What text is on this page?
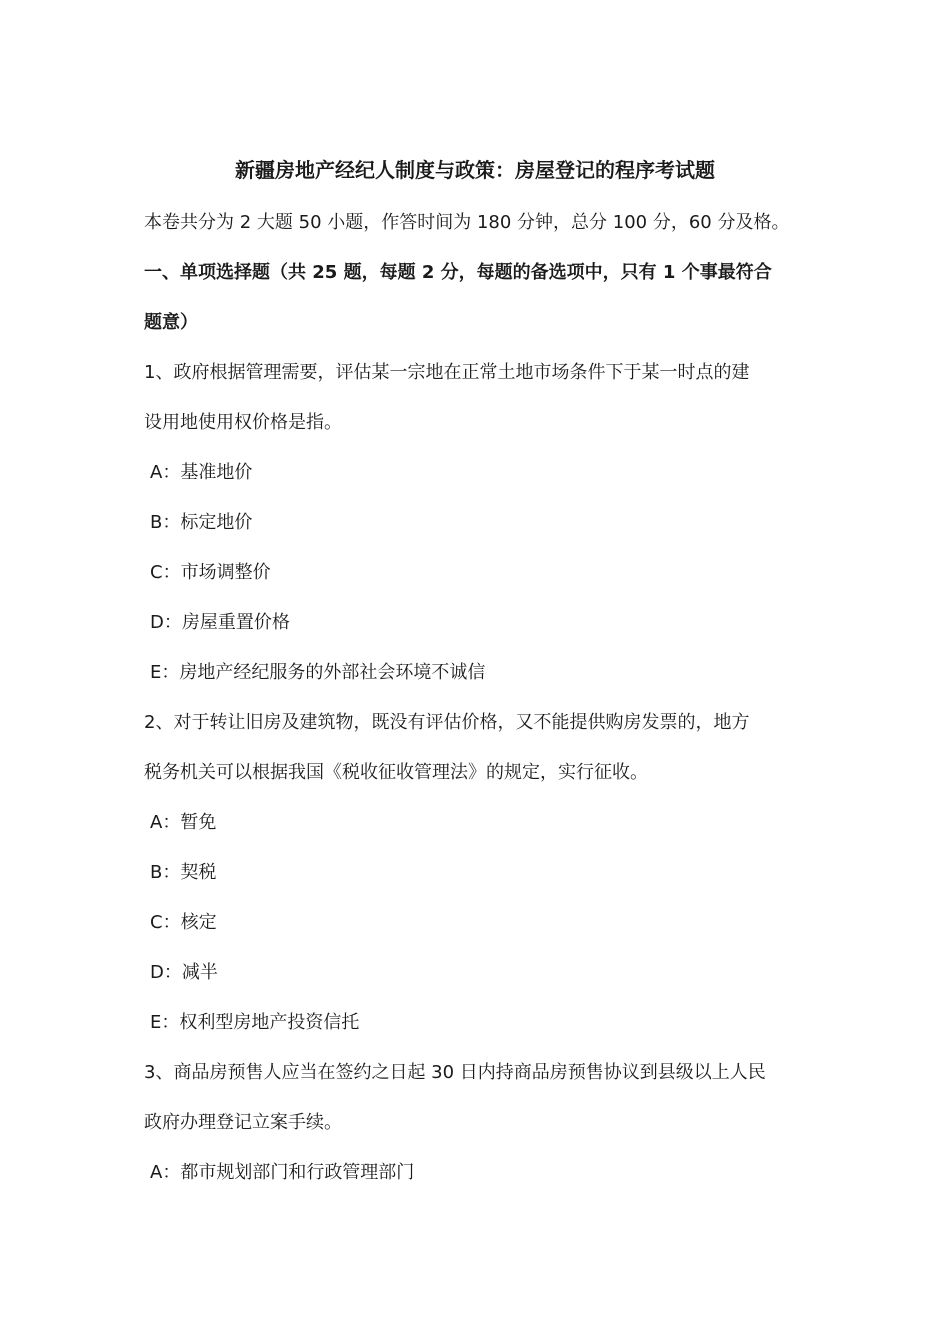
新疆房地产经纪人制度与政策：房屋登记的程序考试题
本卷共分为 2 大题 50 小题，作答时间为 180 分钟，总分 100 分，60 分及格。
一、单项选择题（共 25 题，每题 2 分，每题的备选项中，只有 1 个事最符合
题意）
1、政府根据管理需要，评估某一宗地在正常土地市场条件下于某一时点的建
设用地使用权价格是指。
A：基准地价
B：标定地价
C：市场调整价
D：房屋重置价格
E：房地产经纪服务的外部社会环境不诚信
2、对于转让旧房及建筑物，既没有评估价格，又不能提供购房发票的，地方
税务机关可以根据我国《税收征收管理法》的规定，实行征收。
A：暂免
B：契税
C：核定
D：减半
E：权利型房地产投资信托
3、商品房预售人应当在签约之日起 30 日内持商品房预售协议到县级以上人民
政府办理登记立案手续。
A：都市规划部门和行政管理部门
